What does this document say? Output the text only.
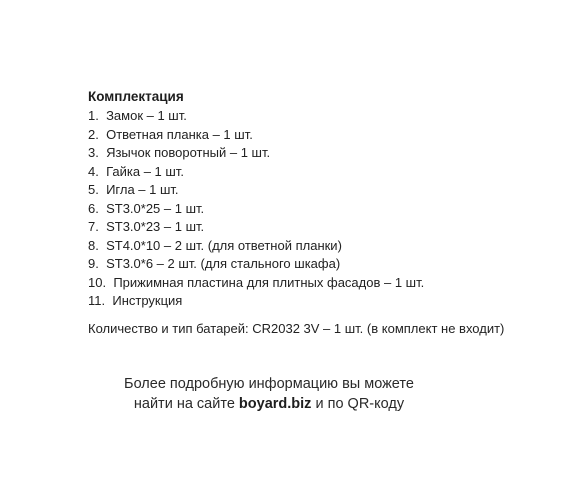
Комплектация
1. Замок – 1 шт.
2. Ответная планка – 1 шт.
3. Язычок поворотный – 1 шт.
4. Гайка – 1 шт.
5. Игла – 1 шт.
6. ST3.0*25 – 1 шт.
7. ST3.0*23 – 1 шт.
8. ST4.0*10 – 2 шт. (для ответной планки)
9. ST3.0*6 – 2 шт. (для стального шкафа)
10. Прижимная пластина для плитных фасадов – 1 шт.
11. Инструкция
Количество и тип батарей: CR2032 3V – 1 шт. (в комплект не входит)
Более подробную информацию вы можете
найти на сайте boyard.biz и по QR-коду
